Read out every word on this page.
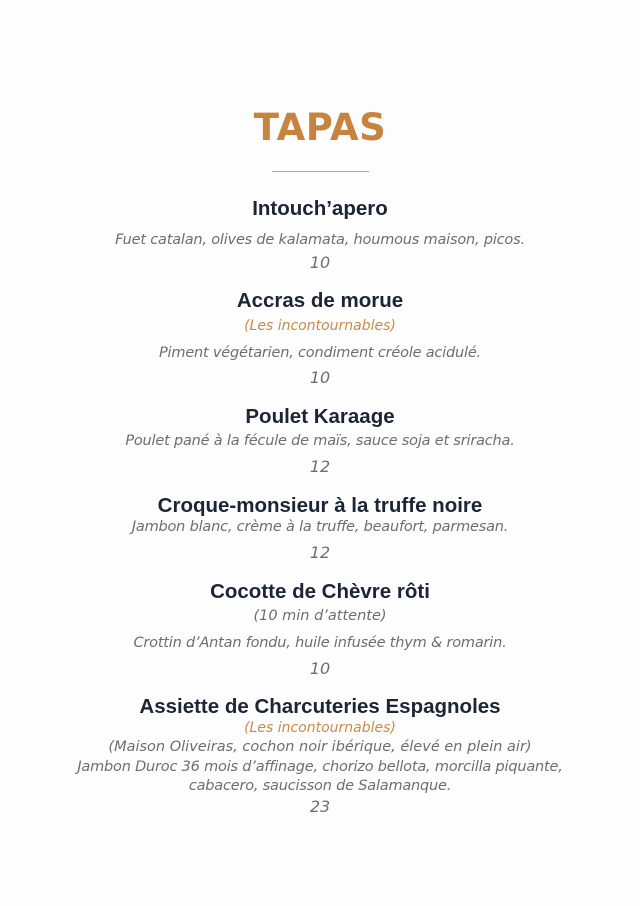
TAPAS
Intouch’apero
Fuet catalan, olives de kalamata, houmous maison, picos.
10
Accras de morue
(Les incontournables)
Piment végétarien, condiment créole acidulé.
10
Poulet Karaage
Poulet pané à la fécule de maïs, sauce soja et sriracha.
12
Croque-monsieur à la truffe noire
Jambon blanc, crème à la truffe, beaufort, parmesan.
12
Cocotte de Chèvre rôti
(10 min d’attente)
Crottin d’Antan fondu, huile infusée thym & romarin.
10
Assiette de Charcuteries Espagnoles
(Les incontournables)
(Maison Oliveiras, cochon noir ibérique, élevé en plein air)
Jambon Duroc 36 mois d’affinage, chorizo bellota, morcilla piquante,
cabacero, saucisson de Salamanque.
23
